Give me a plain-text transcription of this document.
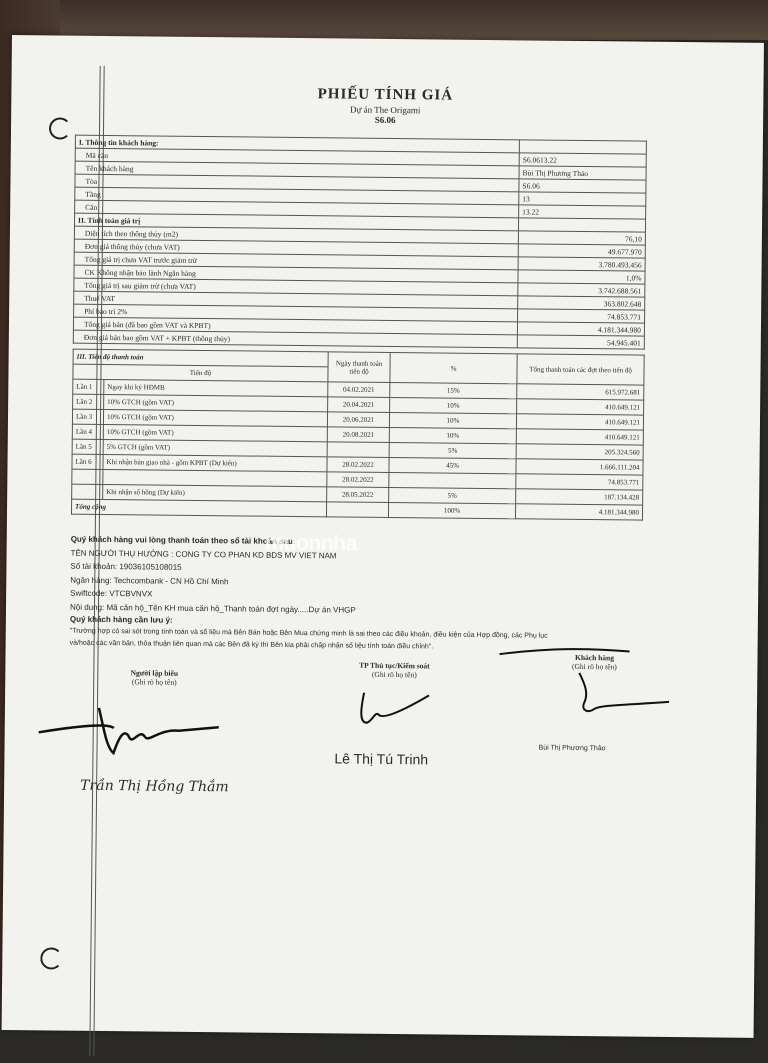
PHIẾU TÍNH GIÁ
Dự án The Origami
S6.06
I. Thông tin khách hàng:	
Mã căn	S6.0613.22
Tên khách hàng	Bùi Thị Phương Thảo
Tòa	S6.06
Tầng	13
Căn	13.22
II. Tính toán giá trị	
Diện tích theo thông thủy (m2)	76,10
Đơn giá thông thủy (chưa VAT)	49.677.970
Tổng giá trị chưa VAT trước giảm trừ	3.780.493.456
CK Không nhận bảo lãnh Ngân hàng	1,0%
Tổng giá trị sau giảm trừ (chưa VAT)	3.742.688.561
Thuế VAT	363.802.648
Phí bảo trì 2%	74.853.771
Tổng giá bán (đã bao gồm VAT và KPBT)	4.181.344.980
Đơn giá bán bao gồm VAT + KPBT (thông thủy)	54.945.401
III. Tiến độ thanh toán		Ngày thanh toán tiến độ	%	Tổng thanh toán các đợt theo tiến độ
Tiến độ				
Lần 1	Ngay khi ký HĐMB	04.02.2021	15%	615.972.681
Lần 2	10% GTCH (gồm VAT)	20.04.2021	10%	410.649.121
Lần 3	10% GTCH (gồm VAT)	20.06.2021	10%	410.649.121
Lần 4	10% GTCH (gồm VAT)	20.08.2021	10%	410.649.121
Lần 5	5% GTCH (gồm VAT)		5%	205.324.560
Lần 6	Khi nhận bàn giao nhà - gồm KPBT (Dự kiến)	28.02.2022	45%	1.666.111.204
		28.02.2022		74.853.771
	Khi nhận sổ hồng (Dự kiến)	28.05.2022	5%	187.134.428
Tổng cộng			100%	4.181.344.980
Quý khách hàng vui lòng thanh toán theo số tài khoản sau:
TÊN NGƯỜI THỤ HƯỞNG : CONG TY CO PHAN KD BDS MV VIET NAM
Số tài khoản: 19036105108015
Ngân hàng: Techcombank - CN Hồ Chí Minh
Swiftcode: VTCBVNVX
Nội dung: Mã căn hộ_Tên KH mua căn hộ_Thanh toán đợt ngày.....Dự án VHGP
Quý khách hàng cần lưu ý:
"Trường hợp có sai sót trong tính toán và số liệu mà Bên Bán hoặc Bên Mua chứng minh là sai theo các điều khoản, điều kiện của Hợp đồng, các Phụ lục
và/hoặc các văn bản, thỏa thuận liên quan mà các Bên đã ký thì Bên kia phải chấp nhận số liệu tính toán điều chỉnh".
Người lập biểu
(Ghi rõ họ tên)
Trần Thị Hồng Thắm
TP Thủ tục/Kiểm soát
(Ghi rõ họ tên)
Lê Thị Tú Trinh
Khách hàng
(Ghi rõ họ tên)
Bùi Thị Phương Thảo
muonnha
